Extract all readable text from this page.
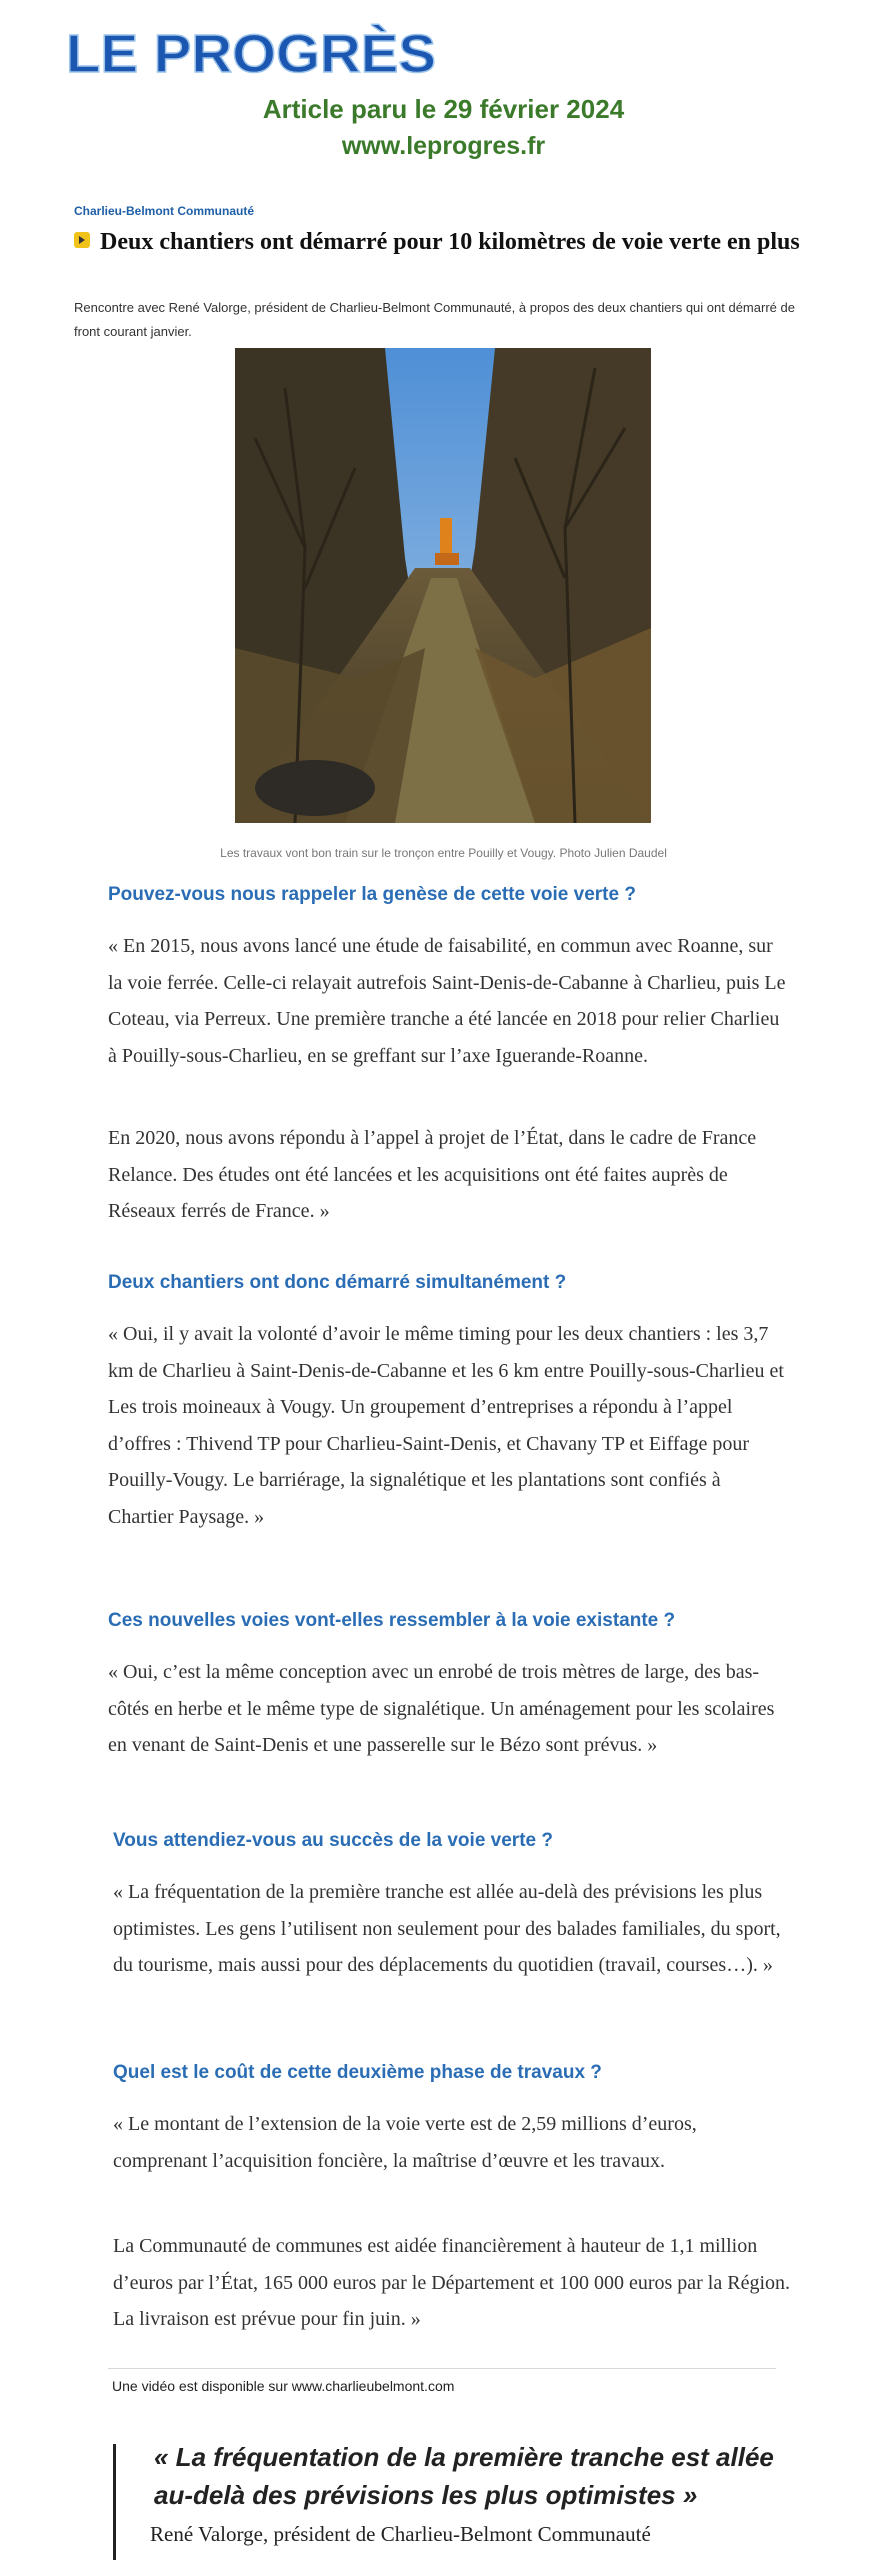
LE PROGRÈS
Article paru le 29 février 2024
www.leprogres.fr
Charlieu-Belmont Communauté
Deux chantiers ont démarré pour 10 kilomètres de voie verte en plus
Rencontre avec René Valorge, président de Charlieu-Belmont Communauté, à propos des deux chantiers qui ont démarré de front courant janvier.
Les travaux vont bon train sur le tronçon entre Pouilly et Vougy. Photo Julien Daudel
Pouvez-vous nous rappeler la genèse de cette voie verte ?
« En 2015, nous avons lancé une étude de faisabilité, en commun avec Roanne, sur la voie ferrée. Celle-ci relayait autrefois Saint-Denis-de-Cabanne à Charlieu, puis Le Coteau, via Perreux. Une première tranche a été lancée en 2018 pour relier Charlieu à Pouilly-sous-Charlieu, en se greffant sur l’axe Iguerande-Roanne.
En 2020, nous avons répondu à l’appel à projet de l’État, dans le cadre de France Relance. Des études ont été lancées et les acquisitions ont été faites auprès de Réseaux ferrés de France. »
Deux chantiers ont donc démarré simultanément ?
« Oui, il y avait la volonté d’avoir le même timing pour les deux chantiers : les 3,7 km de Charlieu à Saint-Denis-de-Cabanne et les 6 km entre Pouilly-sous-Charlieu et Les trois moineaux à Vougy. Un groupement d’entreprises a répondu à l’appel d’offres : Thivend TP pour Charlieu-Saint-Denis, et Chavany TP et Eiffage pour Pouilly-Vougy. Le barriérage, la signalétique et les plantations sont confiés à Chartier Paysage. »
Ces nouvelles voies vont-elles ressembler à la voie existante ?
« Oui, c’est la même conception avec un enrobé de trois mètres de large, des bas-côtés en herbe et le même type de signalétique. Un aménagement pour les scolaires en venant de Saint-Denis et une passerelle sur le Bézo sont prévus. »
Vous attendiez-vous au succès de la voie verte ?
« La fréquentation de la première tranche est allée au-delà des prévisions les plus optimistes. Les gens l’utilisent non seulement pour des balades familiales, du sport, du tourisme, mais aussi pour des déplacements du quotidien (travail, courses…). »
Quel est le coût de cette deuxième phase de travaux ?
« Le montant de l’extension de la voie verte est de 2,59 millions d’euros, comprenant l’acquisition foncière, la maîtrise d’œuvre et les travaux.
La Communauté de communes est aidée financièrement à hauteur de 1,1 million d’euros par l’État, 165 000 euros par le Département et 100 000 euros par la Région. La livraison est prévue pour fin juin. »
Une vidéo est disponible sur www.charlieubelmont.com
« La fréquentation de la première tranche est allée au-delà des prévisions les plus optimistes »
René Valorge, président de Charlieu-Belmont Communauté
